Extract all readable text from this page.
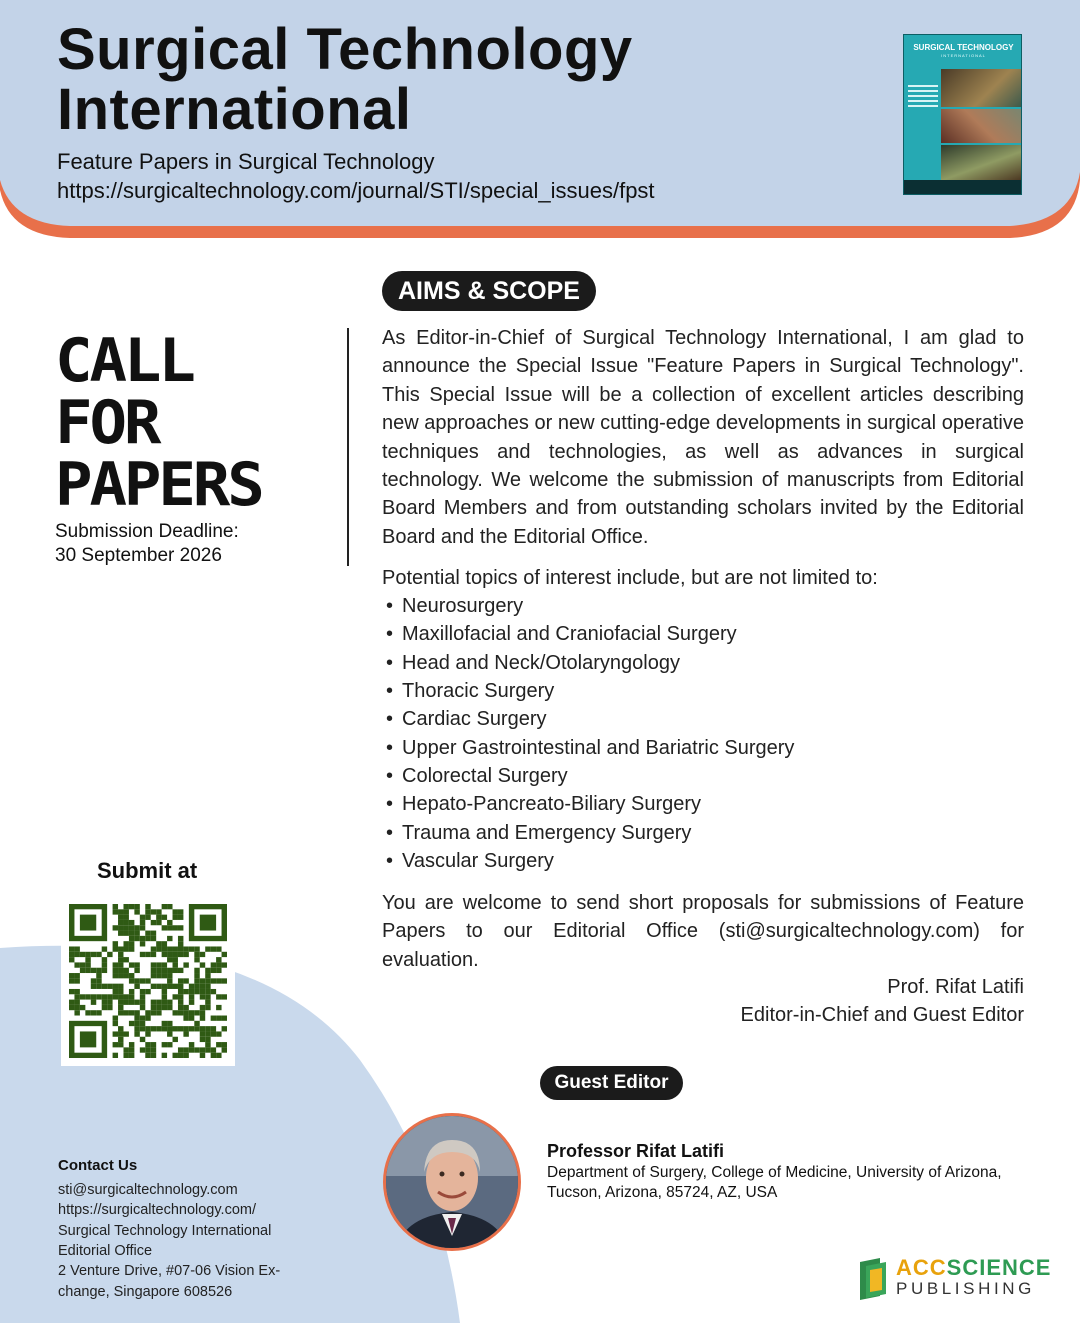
Surgical Technology
International
Feature Papers in Surgical Technology
https://surgicaltechnology.com/journal/STI/special_issues/fpst
SURGICAL TECHNOLOGY
INTERNATIONAL
CALL
FOR
PAPERS
Submission Deadline:
30 September 2026
AIMS & SCOPE
As Editor-in-Chief of Surgical Technology International, I am glad to announce the Special Issue "Feature Papers in Surgical Technology". This Special Issue will be a collection of excellent articles describing new approaches or new cutting-edge developments in surgical operative techniques and technologies, as well as advances in surgical technology. We welcome the submission of manuscripts from Editorial Board Members and from outstanding scholars invited by the Editorial Board and the Editorial Office.
Potential topics of interest include, but are not limited to:
• Neurosurgery
• Maxillofacial and Craniofacial Surgery
• Head and Neck/Otolaryngology
• Thoracic Surgery
• Cardiac Surgery
• Upper Gastrointestinal and Bariatric Surgery
• Colorectal Surgery
• Hepato-Pancreato-Biliary Surgery
• Trauma and Emergency Surgery
• Vascular Surgery
You are welcome to send short proposals for submissions of Feature Papers to our Editorial Office (sti@surgicaltechnology.com) for evaluation.
Prof. Rifat Latifi
Editor-in-Chief and Guest Editor
Submit at
Contact Us
sti@surgicaltechnology.com
https://surgicaltechnology.com/
Surgical Technology International
Editorial Office
2 Venture Drive, #07-06 Vision Ex-
change, Singapore 608526
Guest Editor
Professor Rifat Latifi
Department of Surgery, College of Medicine, University of Arizona, Tucson, Arizona, 85724, AZ, USA
ACCSCIENCE
PUBLISHING
